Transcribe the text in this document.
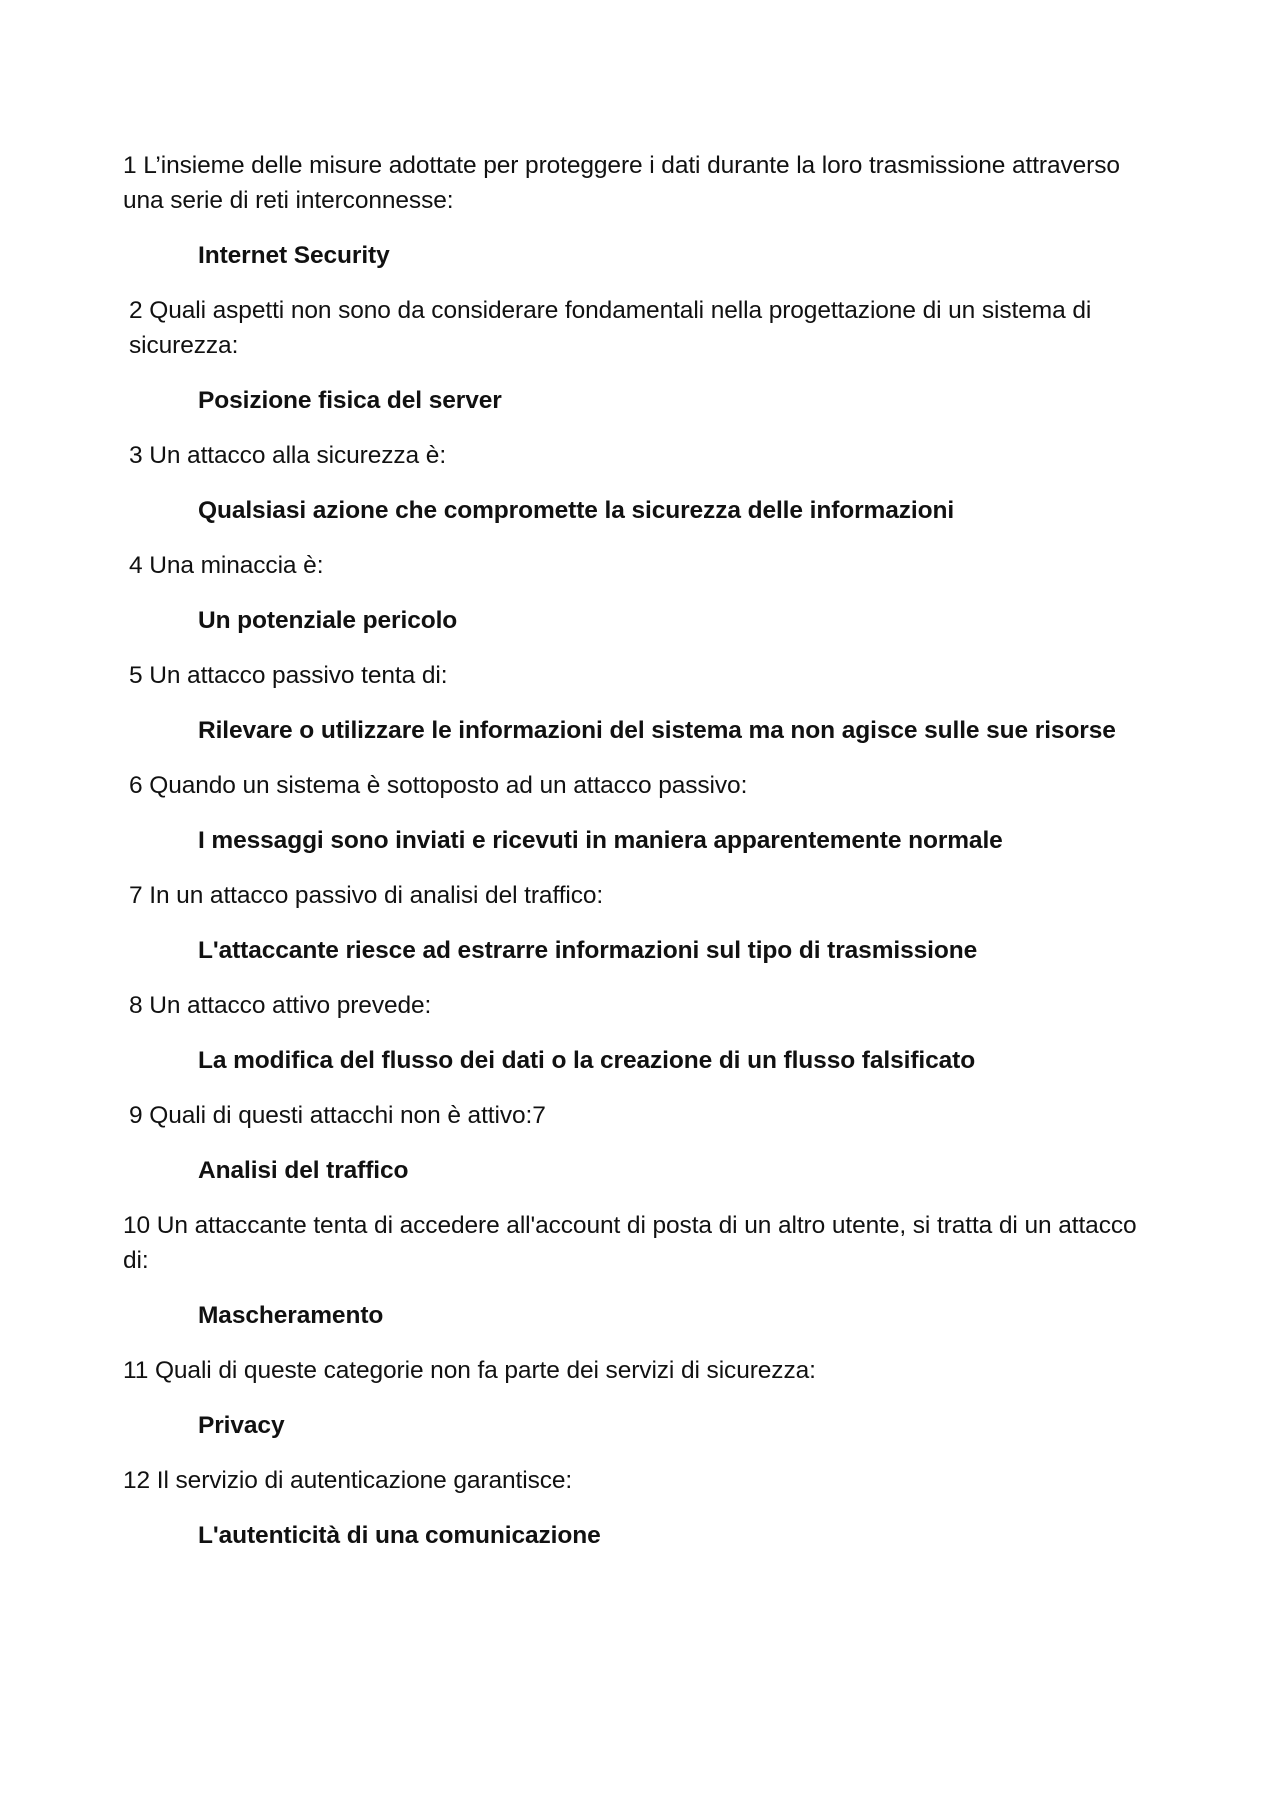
1 L’insieme delle misure adottate per proteggere i dati durante la loro trasmissione attraverso una serie di reti interconnesse:

Internet Security

2 Quali aspetti non sono da considerare fondamentali nella progettazione di un sistema di sicurezza:

Posizione fisica del server

3 Un attacco alla sicurezza è:

Qualsiasi azione che compromette la sicurezza delle informazioni

4 Una minaccia è:

Un potenziale pericolo

5 Un attacco passivo tenta di:

Rilevare o utilizzare le informazioni del sistema ma non agisce sulle sue risorse

6 Quando un sistema è sottoposto ad un attacco passivo:

I messaggi sono inviati e ricevuti in maniera apparentemente normale

7 In un attacco passivo di analisi del traffico:

L'attaccante riesce ad estrarre informazioni sul tipo di trasmissione

8 Un attacco attivo prevede:

La modifica del flusso dei dati o la creazione di un flusso falsificato

9 Quali di questi attacchi non è attivo:7

Analisi del traffico

10 Un attaccante tenta di accedere all'account di posta di un altro utente, si tratta di un attacco di:

Mascheramento

11 Quali di queste categorie non fa parte dei servizi di sicurezza:

Privacy

12 Il servizio di autenticazione garantisce:

L'autenticità di una comunicazione
